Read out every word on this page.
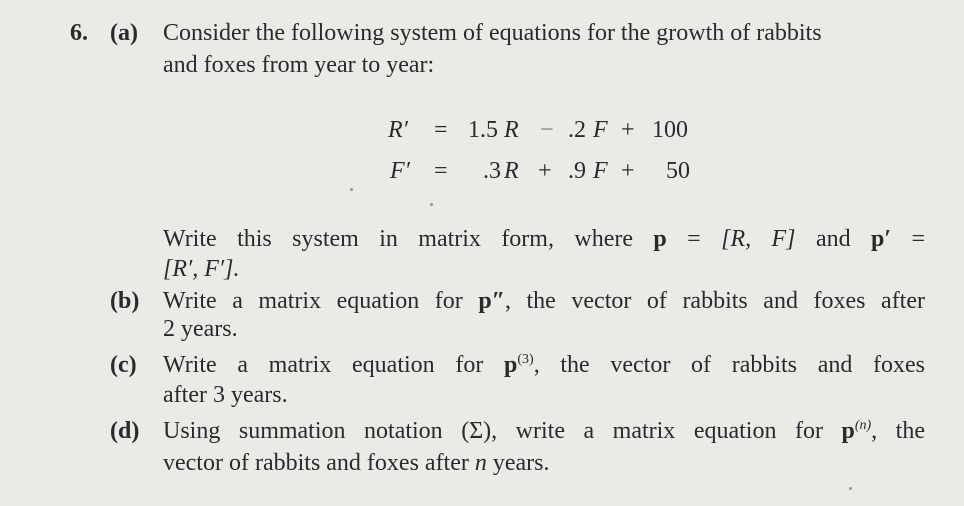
6. (a) Consider the following system of equations for the growth of rabbits
and foxes from year to year:
R′ = 1.5 R − .2 F + 100
F′ = .3 R + .9 F + 50
Write this system in matrix form, where p = [R, F] and p′ =
[R′, F′].
(b) Write a matrix equation for p″, the vector of rabbits and foxes after
2 years.
(c) Write a matrix equation for $p^{(3)}$, the vector of rabbits and foxes
after 3 years.
(d) Using summation notation (Σ), write a matrix equation for $p^{(n)}$, the
vector of rabbits and foxes after n years.
